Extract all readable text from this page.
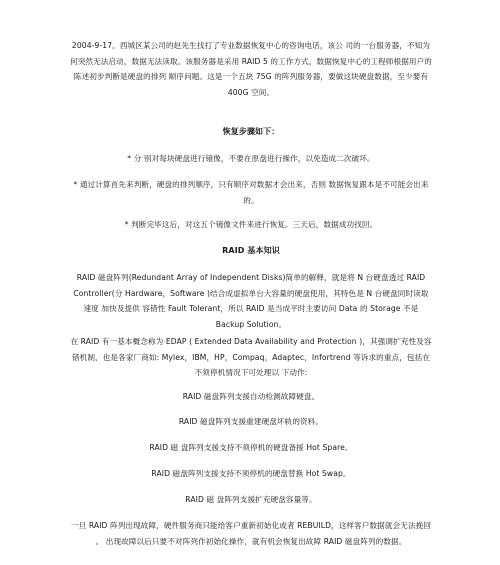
2004-9-17。西城区某公司的赵先生找打了专业数据恢复中心的咨询电话，该公 司的一台服务器，不知为何突然无法启动，数据无法读取。该服务器是采用 RAID 5 的工作方式，数据恢复中心的工程师根据用户的陈述初步判断是硬盘的排列 顺序问题。这是一个五块 75G 的阵列服务器，要做这块硬盘数据，至少要有 400G 空间。
恢复步骤如下：
* 分 别对每块硬盘进行镜像，不要在原盘进行操作，以免造成二次破坏。
* 通过计算首先来判断，硬盘的排列顺序，只有顺序对数据才会出来，否则 数据恢复跟本是不可能会出来的。
* 判断完毕这后，对这五个镜像文件来进行恢复。三天后，数据成功找回。
RAID 基本知识
RAID 磁盘阵列(Redundant Array of Independent Disks)简单的解释，就是将 N 台硬盘透过 RAID Controller(分 Hardware，Software )结合成虚拟单台大容量的硬盘使用，其特色是 N 台硬盘同时读取速度 加快及提供 容错性 Fault Tolerant，所以 RAID 是当成平时主要访问 Data 的 Storage 不是 Backup Solution。
在 RAID 有一基本概念称为 EDAP ( Extended Data Availability and Protection )，其强调扩充性及容 错机制，也是各家厂商如: Mylex，IBM，HP，Compaq，Adaptec，Infortrend 等诉求的重点，包括在不须停机情况下可处理以 下动作:
RAID 磁盘阵列支援自动检测故障硬盘。
RAID 磁盘阵列支援重建硬盘坏轨的资料。
RAID 磁 盘阵列支援支持不须停机的硬盘备援 Hot Spare。
RAID 磁盘阵列支援支持不须停机的硬盘替换 Hot Swap。
RAID 磁 盘阵列支援扩充硬盘容量等。
一旦 RAID 阵列出现故障，硬件服务商只能给客户重新初始化或者 REBUILD，这样客户数据就会无法挽回 。 出现故障以后只要不对阵列作初始化操作，就有机会恢复出故障 RAID 磁盘阵列的数据。
